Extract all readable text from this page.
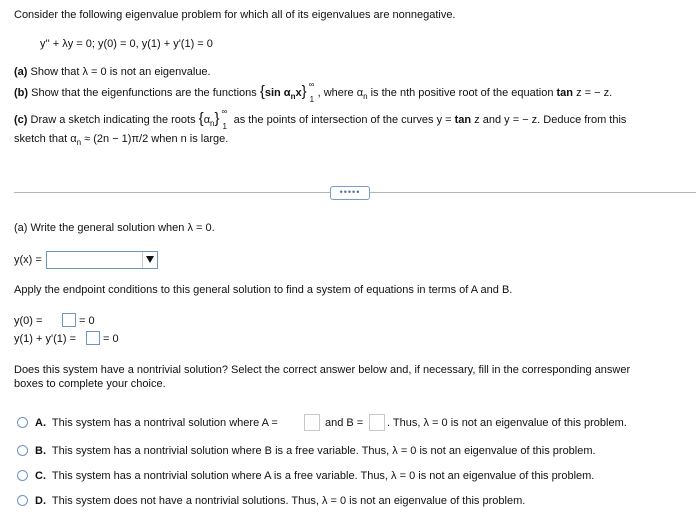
Consider the following eigenvalue problem for which all of its eigenvalues are nonnegative.
y'' + λy = 0; y(0) = 0, y(1) + y'(1) = 0
(a) Show that λ = 0 is not an eigenvalue.
(b) Show that the eigenfunctions are the functions {sin $\alpha_nx$} ∞
1
, where $\alpha_n$ is the nth positive root of the equation tan z = − z.
(c) Draw a sketch indicating the roots $\{\alpha_n\}$ ∞
1
as the points of intersection of the curves y = tan z and y = − z. Deduce from this
sketch that $\alpha_n \approx (2n - 1)\pi/2$ when n is large.
•••••
(a) Write the general solution when λ = 0.
y(x) =
Apply the endpoint conditions to this general solution to find a system of equations in terms of A and B.
y(0) =	= 0
y(1) + y'(1) = = 0
Does this system have a nontrivial solution? Select the correct answer below and, if necessary, fill in the corresponding answer
boxes to complete your choice.
A. This system has a nontrival solution where A =	and B = . Thus, λ = 0 is not an eigenvalue of this problem.
B. This system has a nontrivial solution where B is a free variable. Thus, λ = 0 is not an eigenvalue of this problem.
C. This system has a nontrivial solution where A is a free variable. Thus, λ = 0 is not an eigenvalue of this problem.
D. This system does not have a nontrivial solutions. Thus, λ = 0 is not an eigenvalue of this problem.
